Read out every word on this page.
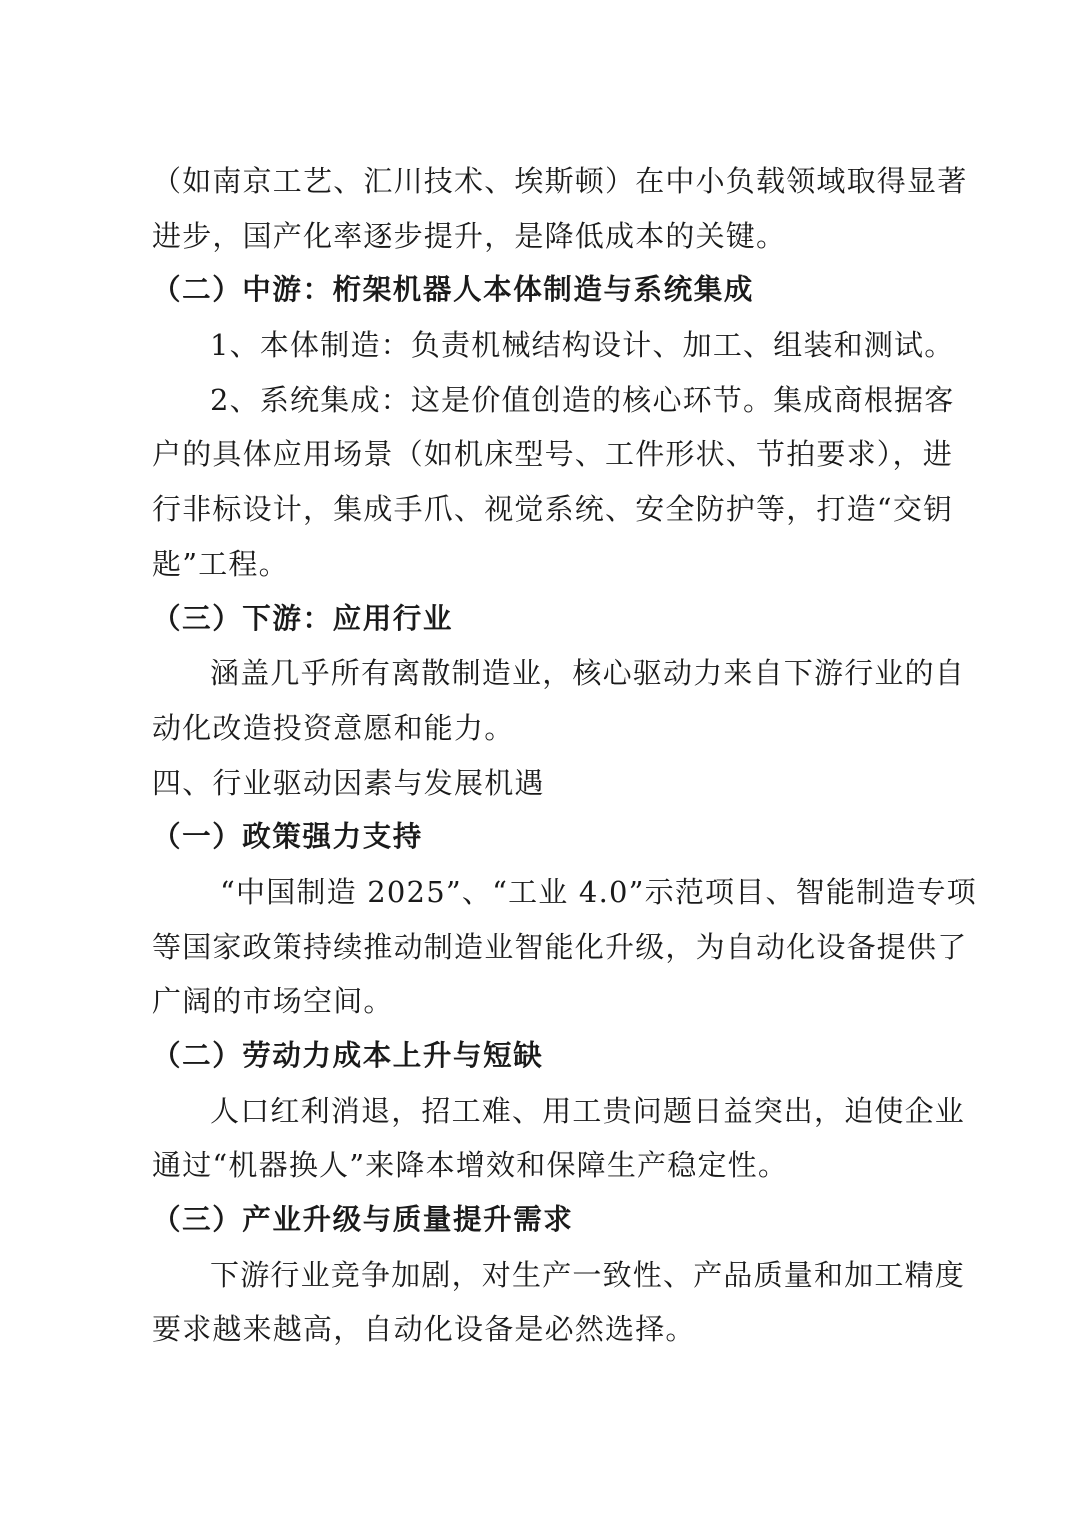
（如南京工艺、汇川技术、埃斯顿）在中小负载领域取得显著
进步，国产化率逐步提升，是降低成本的关键。
（二）中游：桁架机器人本体制造与系统集成
1、本体制造：负责机械结构设计、加工、组装和测试。
2、系统集成：这是价值创造的核心环节。集成商根据客
户的具体应用场景（如机床型号、工件形状、节拍要求），进
行非标设计，集成手爪、视觉系统、安全防护等，打造“交钥
匙”工程。
（三）下游：应用行业
涵盖几乎所有离散制造业，核心驱动力来自下游行业的自
动化改造投资意愿和能力。
四、行业驱动因素与发展机遇
（一）政策强力支持
“中国制造 2025”、“工业 4.0”示范项目、智能制造专项
等国家政策持续推动制造业智能化升级，为自动化设备提供了
广阔的市场空间。
（二）劳动力成本上升与短缺
人口红利消退，招工难、用工贵问题日益突出，迫使企业
通过“机器换人”来降本增效和保障生产稳定性。
（三）产业升级与质量提升需求
下游行业竞争加剧，对生产一致性、产品质量和加工精度
要求越来越高，自动化设备是必然选择。
